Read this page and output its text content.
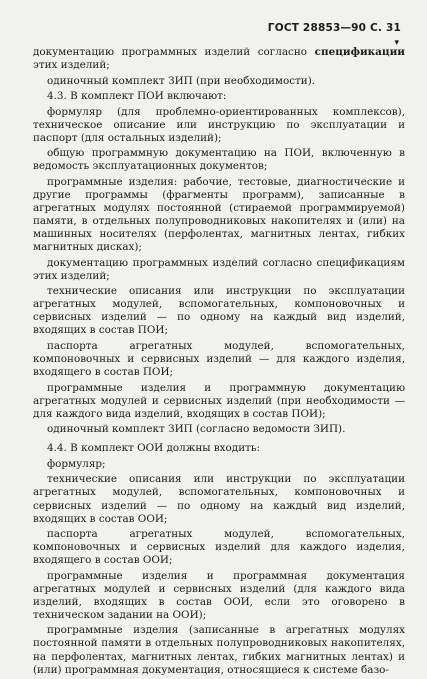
ГОСТ 28853—90 С. 31
▾

документацию программных изделий согласно спецификации этих изделий;

одиночный комплект ЗИП (при необходимости).

4.3. В комплект ПОИ включают:

формуляр (для проблемно-ориентированных комплексов), техническое описание или инструкцию по эксплуатации и паспорт (для остальных изделий);

общую программную документацию на ПОИ, включенную в ведомость эксплуатационных документов;

программные изделия: рабочие, тестовые, диагностические и другие программы (фрагменты программ), записанные в агрегатных модулях постоянной (стираемой программируемой) памяти, в отдельных полупроводниковых накопителях и (или) на машинных носителях (перфолентах, магнитных лентах, гибких магнитных дисках);

документацию программных изделий согласно спецификациям этих изделий;

технические описания или инструкции по эксплуатации агрегатных модулей, вспомогательных, компоновочных и сервисных изделий — по одному на каждый вид изделий, входящих в состав ПОИ;

паспорта агрегатных модулей, вспомогательных, компоновочных и сервисных изделий — для каждого изделия, входящего в состав ПОИ;

программные изделия и программную документацию агрегатных модулей и сервисных изделий (при необходимости — для каждого вида изделий, входящих в состав ПОИ);

одиночный комплект ЗИП (согласно ведомости ЗИП).

4.4. В комплект ООИ должны входить:

формуляр;

технические описания или инструкции по эксплуатации агрегатных модулей, вспомогательных, компоновочных и сервисных изделий — по одному на каждый вид изделий, входящих в состав ООИ;

паспорта агрегатных модулей, вспомогательных, компоновочных и сервисных изделий для каждого изделия, входящего в состав ООИ;

программные изделия и программная документация агрегатных модулей и сервисных изделий (для каждого вида изделий, входящих в состав ООИ, если это оговорено в техническом задании на ООИ);

программные изделия (записанные в агрегатных модулях постоянной памяти в отдельных полупроводниковых накопителях, на перфолентах, магнитных лентах, гибких магнитных лентах) и (или) программная документация, относящиеся к системе базо-
